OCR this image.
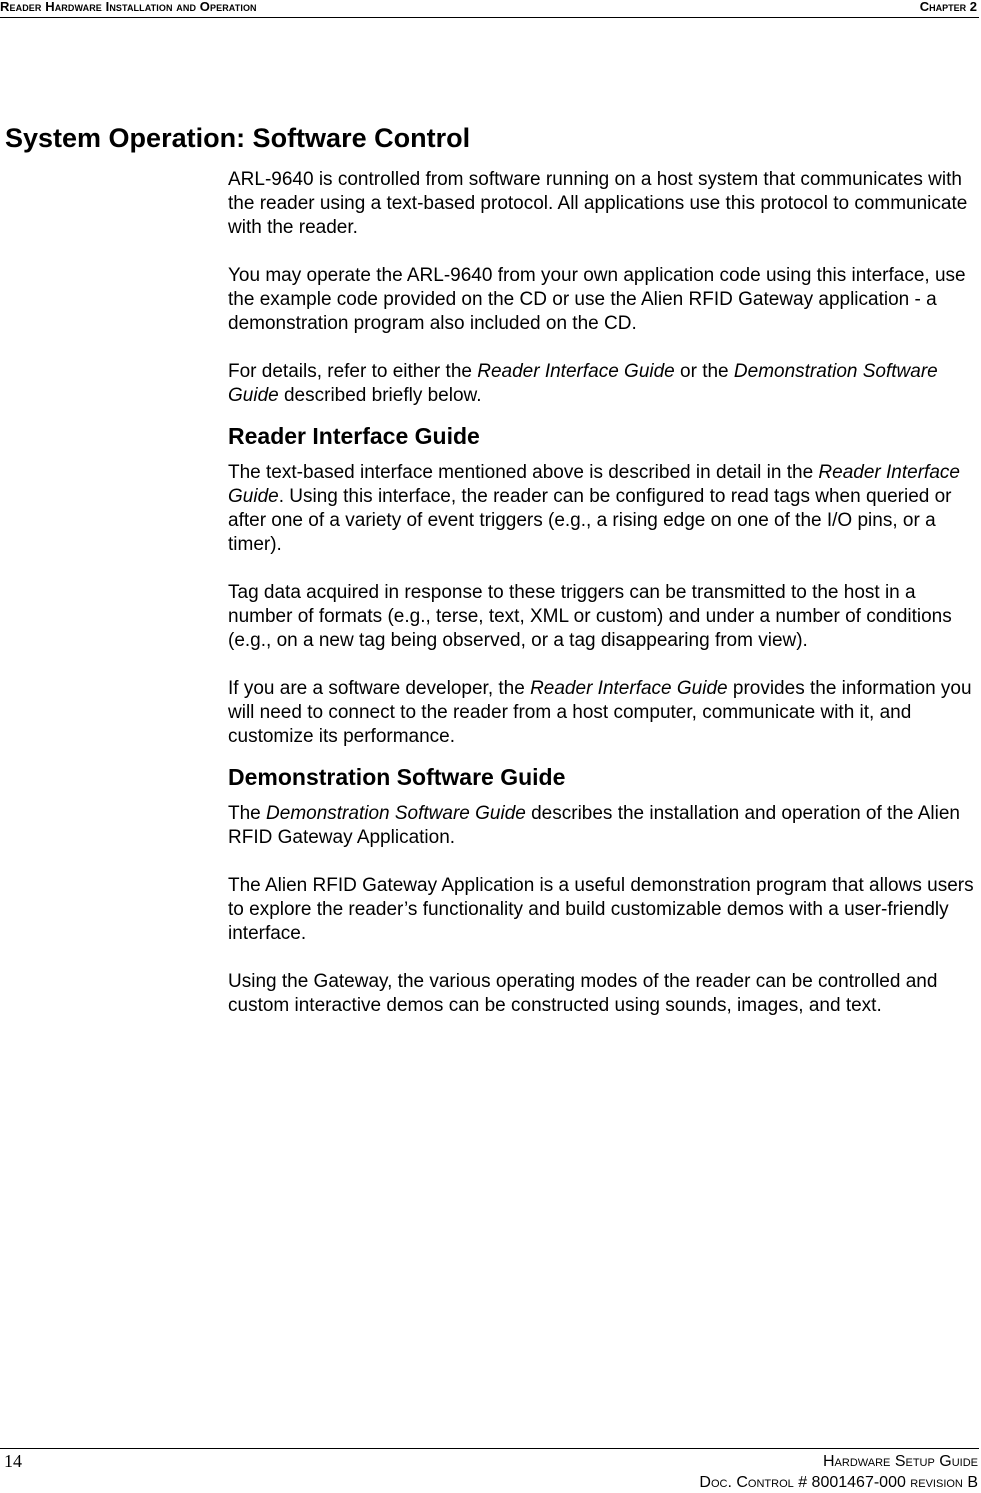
Reader Hardware Installation and Operation	Chapter 2
System Operation: Software Control

ARL-9640 is controlled from software running on a host system that communicates with the reader using a text-based protocol. All applications use this protocol to communicate with the reader.

You may operate the ARL-9640 from your own application code using this interface, use the example code provided on the CD or use the Alien RFID Gateway application - a demonstration program also included on the CD.

For details, refer to either the Reader Interface Guide or the Demonstration Software Guide described briefly below.

Reader Interface Guide

The text-based interface mentioned above is described in detail in the Reader Interface Guide. Using this interface, the reader can be configured to read tags when queried or after one of a variety of event triggers (e.g., a rising edge on one of the I/O pins, or a timer).

Tag data acquired in response to these triggers can be transmitted to the host in a number of formats (e.g., terse, text, XML or custom) and under a number of conditions (e.g., on a new tag being observed, or a tag disappearing from view).

If you are a software developer, the Reader Interface Guide provides the information you will need to connect to the reader from a host computer, communicate with it, and customize its performance.

Demonstration Software Guide

The Demonstration Software Guide describes the installation and operation of the Alien RFID Gateway Application.

The Alien RFID Gateway Application is a useful demonstration program that allows users to explore the reader’s functionality and build customizable demos with a user-friendly interface.

Using the Gateway, the various operating modes of the reader can be controlled and custom interactive demos can be constructed using sounds, images, and text.

14	Hardware Setup Guide
Doc. Control # 8001467-000 revision B
